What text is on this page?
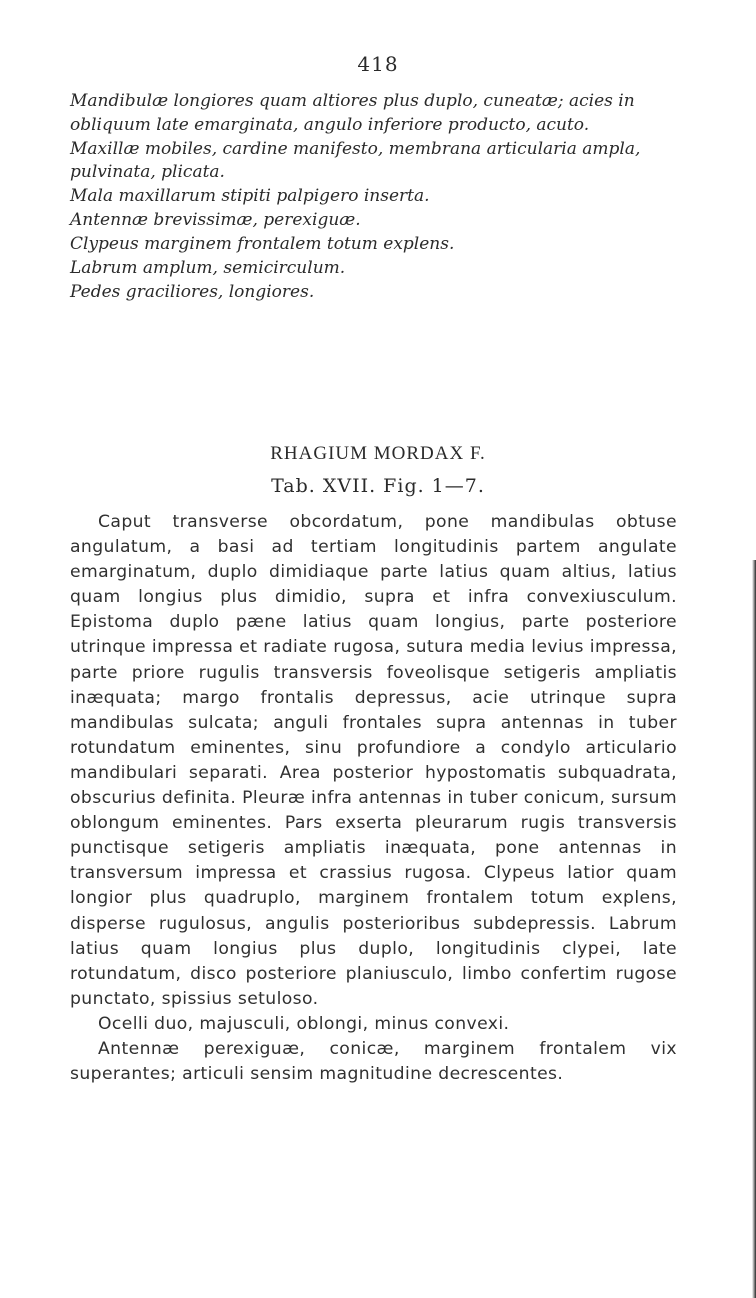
418

Mandibulæ longiores quam altiores plus duplo, cuneatæ; acies in obliquum late emarginata, angulo inferiore producto, acuto.

Maxillæ mobiles, cardine manifesto, membrana articularia ampla, pulvinata, plicata.

Mala maxillarum stipiti palpigero inserta.

Antennæ brevissimæ, perexiguæ.

Clypeus marginem frontalem totum explens.

Labrum amplum, semicirculum.

Pedes graciliores, longiores.

RHAGIUM MORDAX F.
Tab. XVII. Fig. 1—7.

Caput transverse obcordatum, pone mandibulas obtuse angulatum, a basi ad tertiam longitudinis partem angulate emarginatum, duplo dimidiaque parte latius quam altius, latius quam longius plus dimidio, supra et infra convexiusculum. Epistoma duplo pæne latius quam longius, parte posteriore utrinque impressa et radiate rugosa, sutura media levius impressa, parte priore rugulis transversis foveolisque setigeris ampliatis inæquata; margo frontalis depressus, acie utrinque supra mandibulas sulcata; anguli frontales supra antennas in tuber rotundatum eminentes, sinu profundiore a condylo articulario mandibulari separati. Area posterior hypostomatis subquadrata, obscurius definita. Pleuræ infra antennas in tuber conicum, sursum oblongum eminentes. Pars exserta pleurarum rugis transversis punctisque setigeris ampliatis inæquata, pone antennas in transversum impressa et crassius rugosa. Clypeus latior quam longior plus quadruplo, marginem frontalem totum explens, disperse rugulosus, angulis posterioribus subdepressis. Labrum latius quam longius plus duplo, longitudinis clypei, late rotundatum, disco posteriore planiusculo, limbo confertim rugose punctato, spissius setuloso.

Ocelli duo, majusculi, oblongi, minus convexi.

Antennæ perexiguæ, conicæ, marginem frontalem vix superantes; articuli sensim magnitudine decrescentes.
